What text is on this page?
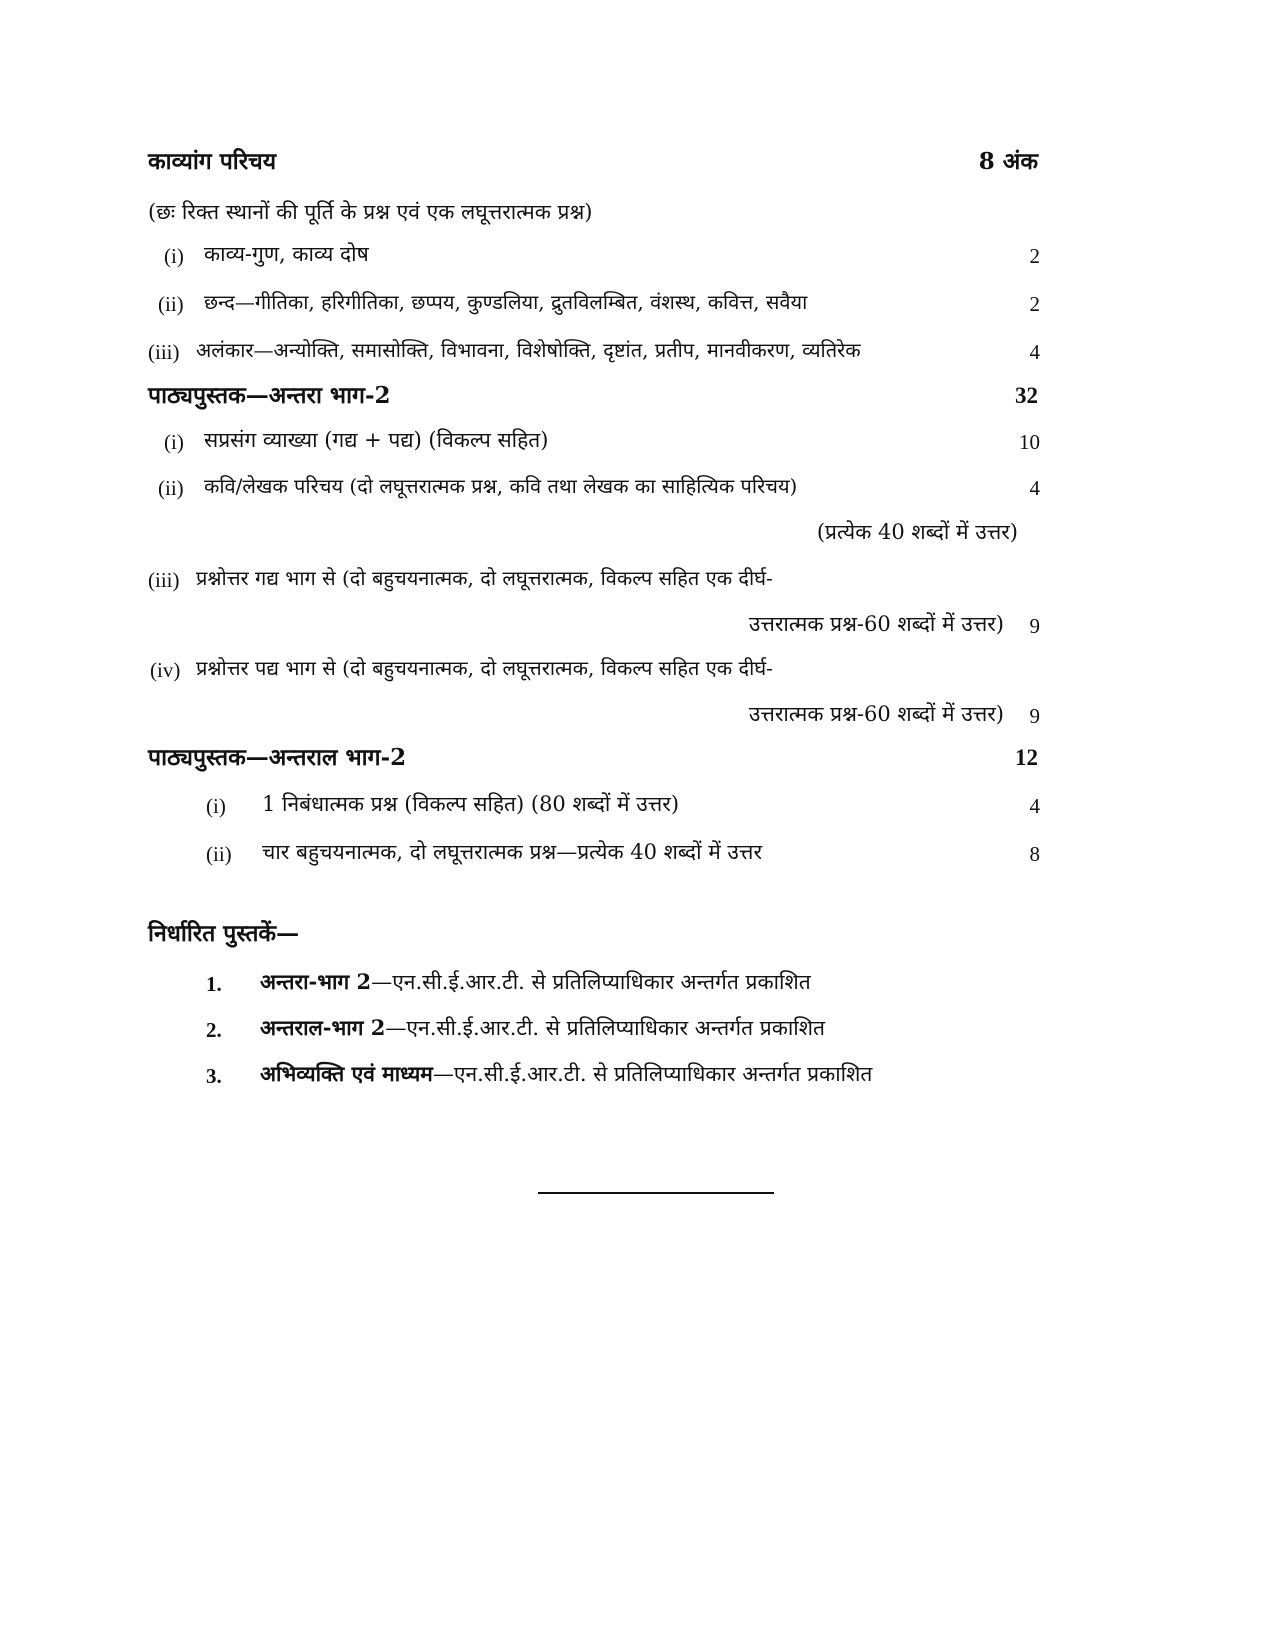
काव्यांग परिचय	8 अंक
(छः रिक्त स्थानों की पूर्ति के प्रश्न एवं एक लघूत्तरात्मक प्रश्न)
(i) काव्य-गुण, काव्य दोष	2
(ii) छन्द—गीतिका, हरिगीतिका, छप्पय, कुण्डलिया, द्रुतविलम्बित, वंशस्थ, कवित्त, सवैया	2
(iii) अलंकार—अन्योक्ति, समासोक्ति, विभावना, विशेषोक्ति, दृष्टांत, प्रतीप, मानवीकरण, व्यतिरेक	4
पाठ्यपुस्तक—अन्तरा भाग-2	32
(i) सप्रसंग व्याख्या (गद्य + पद्य) (विकल्प सहित)	10
(ii) कवि/लेखक परिचय (दो लघूत्तरात्मक प्रश्न, कवि तथा लेखक का साहित्यिक परिचय)	4
(प्रत्येक 40 शब्दों में उत्तर)
(iii) प्रश्नोत्तर गद्य भाग से (दो बहुचयनात्मक, दो लघूत्तरात्मक, विकल्प सहित एक दीर्घ-
उत्तरात्मक प्रश्न-60 शब्दों में उत्तर) 9
(iv) प्रश्नोत्तर पद्य भाग से (दो बहुचयनात्मक, दो लघूत्तरात्मक, विकल्प सहित एक दीर्घ-
उत्तरात्मक प्रश्न-60 शब्दों में उत्तर) 9
पाठ्यपुस्तक—अन्तराल भाग-2	12
(i) 1 निबंधात्मक प्रश्न (विकल्प सहित) (80 शब्दों में उत्तर)	4
(ii) चार बहुचयनात्मक, दो लघूत्तरात्मक प्रश्न—प्रत्येक 40 शब्दों में उत्तर	8
निर्धारित पुस्तकें—
1. अन्तरा-भाग 2—एन.सी.ई.आर.टी. से प्रतिलिप्याधिकार अन्तर्गत प्रकाशित
2. अन्तराल-भाग 2—एन.सी.ई.आर.टी. से प्रतिलिप्याधिकार अन्तर्गत प्रकाशित
3. अभिव्यक्ति एवं माध्यम—एन.सी.ई.आर.टी. से प्रतिलिप्याधिकार अन्तर्गत प्रकाशित
